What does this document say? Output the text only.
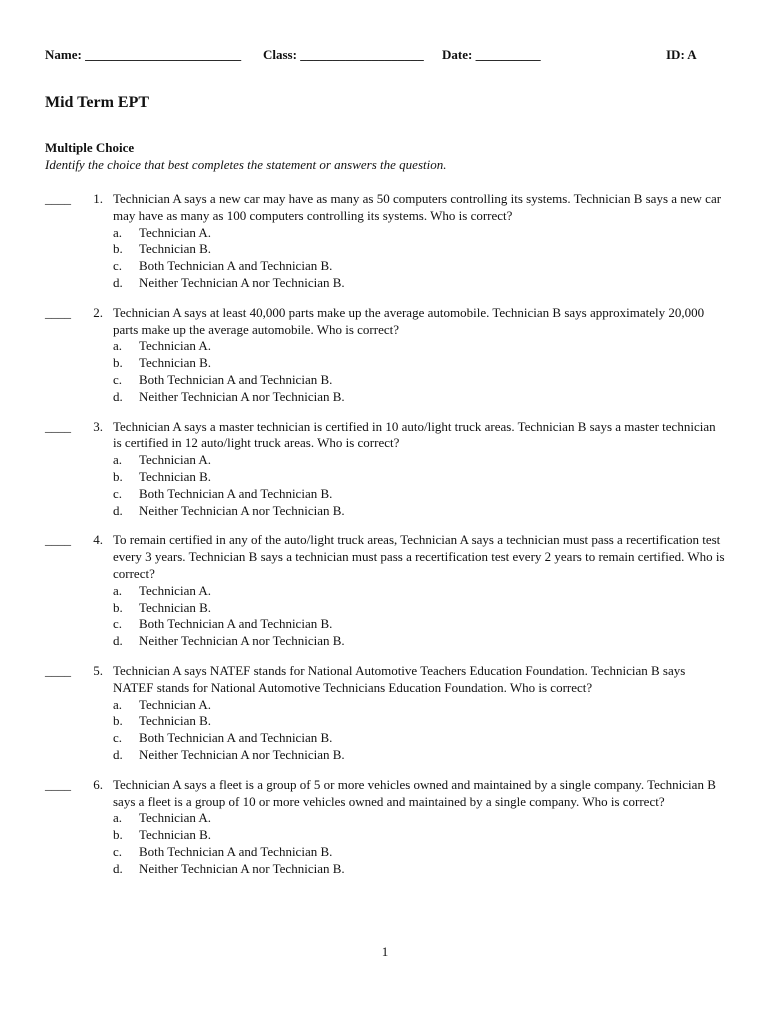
Name: ________________________ Class: ___________________ Date: __________	ID: A
Mid Term EPT
Multiple Choice
Identify the choice that best completes the statement or answers the question.
____	1. Technician A says a new car may have as many as 50 computers controlling its systems. Technician B says a new car may have as many as 100 computers controlling its systems. Who is correct?
a. Technician A.
b. Technician B.
c. Both Technician A and Technician B.
d. Neither Technician A nor Technician B.
____	2. Technician A says at least 40,000 parts make up the average automobile. Technician B says approximately 20,000 parts make up the average automobile. Who is correct?
a. Technician A.
b. Technician B.
c. Both Technician A and Technician B.
d. Neither Technician A nor Technician B.
____	3. Technician A says a master technician is certified in 10 auto/light truck areas. Technician B says a master technician is certified in 12 auto/light truck areas. Who is correct?
a. Technician A.
b. Technician B.
c. Both Technician A and Technician B.
d. Neither Technician A nor Technician B.
____	4. To remain certified in any of the auto/light truck areas, Technician A says a technician must pass a recertification test every 3 years. Technician B says a technician must pass a recertification test every 2 years to remain certified. Who is correct?
a. Technician A.
b. Technician B.
c. Both Technician A and Technician B.
d. Neither Technician A nor Technician B.
____	5. Technician A says NATEF stands for National Automotive Teachers Education Foundation. Technician B says NATEF stands for National Automotive Technicians Education Foundation. Who is correct?
a. Technician A.
b. Technician B.
c. Both Technician A and Technician B.
d. Neither Technician A nor Technician B.
____	6. Technician A says a fleet is a group of 5 or more vehicles owned and maintained by a single company. Technician B says a fleet is a group of 10 or more vehicles owned and maintained by a single company. Who is correct?
a. Technician A.
b. Technician B.
c. Both Technician A and Technician B.
d. Neither Technician A nor Technician B.
1
